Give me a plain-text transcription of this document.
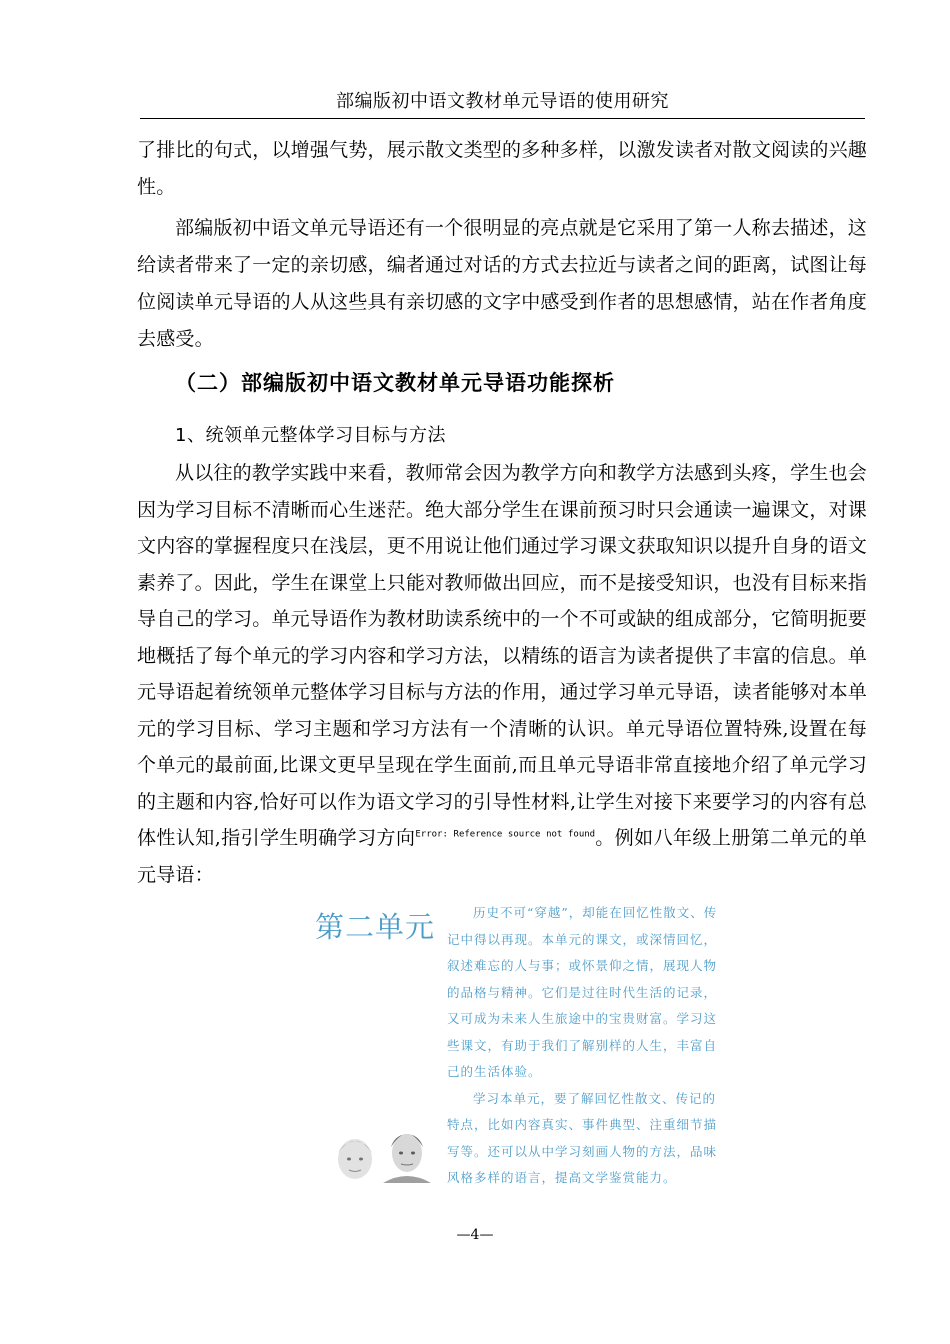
部编版初中语文教材单元导语的使用研究
了排比的句式，以增强气势，展示散文类型的多种多样，以激发读者对散文阅读的兴趣性。
部编版初中语文单元导语还有一个很明显的亮点就是它采用了第一人称去描述，这给读者带来了一定的亲切感，编者通过对话的方式去拉近与读者之间的距离，试图让每位阅读单元导语的人从这些具有亲切感的文字中感受到作者的思想感情，站在作者角度去感受。
（二）部编版初中语文教材单元导语功能探析
1、统领单元整体学习目标与方法
从以往的教学实践中来看，教师常会因为教学方向和教学方法感到头疼，学生也会因为学习目标不清晰而心生迷茫。绝大部分学生在课前预习时只会通读一遍课文，对课文内容的掌握程度只在浅层，更不用说让他们通过学习课文获取知识以提升自身的语文素养了。因此，学生在课堂上只能对教师做出回应，而不是接受知识，也没有目标来指导自己的学习。单元导语作为教材助读系统中的一个不可或缺的组成部分，它简明扼要地概括了每个单元的学习内容和学习方法，以精练的语言为读者提供了丰富的信息。单元导语起着统领单元整体学习目标与方法的作用，通过学习单元导语，读者能够对本单元的学习目标、学习主题和学习方法有一个清晰的认识。单元导语位置特殊,设置在每个单元的最前面,比课文更早呈现在学生面前,而且单元导语非常直接地介绍了单元学习的主题和内容,恰好可以作为语文学习的引导性材料,让学生对接下来要学习的内容有总体性认知,指引学生明确学习方向$^{Error: Reference source not found}$。例如八年级上册第二单元的单元导语：
第二单元	历史不可“穿越”，却能在回忆性散文、传记中得以再现。本单元的课文，或深情回忆，叙述难忘的人与事；或怀景仰之情，展现人物的品格与精神。它们是过往时代生活的记录，又可成为未来人生旅途中的宝贵财富。学习这些课文，有助于我们了解别样的人生，丰富自己的生活体验。

学习本单元，要了解回忆性散文、传记的特点，比如内容真实、事件典型、注重细节描写等。还可以从中学习刻画人物的方法，品味风格多样的语言，提高文学鉴赏能力。

—4—
